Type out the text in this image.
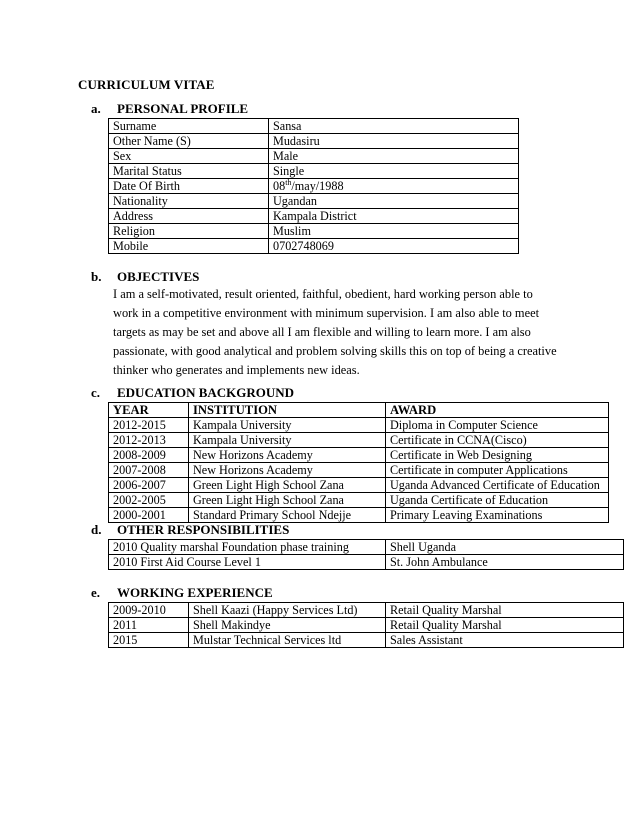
CURRICULUM VITAE
a. PERSONAL PROFILE
Surname	Sansa
Other Name (S)	Mudasiru
Sex	Male
Marital Status	Single
Date Of Birth	08th/may/1988
Nationality	Ugandan
Address	Kampala District
Religion	Muslim
Mobile	0702748069
b. OBJECTIVES

I am a self-motivated, result oriented, faithful, obedient, hard working person able to

work in a competitive environment with minimum supervision. I am also able to meet

targets as may be set and above all I am flexible and willing to learn more. I am also

passionate, with good analytical and problem solving skills this on top of being a creative

thinker who generates and implements new ideas.

c. EDUCATION BACKGROUND
YEAR	INSTITUTION	AWARD
2012-2015	Kampala University	Diploma in Computer Science
2012-2013	Kampala University	Certificate in CCNA(Cisco)
2008-2009	New Horizons Academy	Certificate in Web Designing
2007-2008	New Horizons Academy	Certificate in computer Applications
2006-2007	Green Light High School Zana	Uganda Advanced Certificate of Education
2002-2005	Green Light High School Zana	Uganda Certificate of Education
2000-2001	Standard Primary School Ndejje	Primary Leaving Examinations
d. OTHER RESPONSIBILITIES
2010 Quality marshal Foundation phase training	Shell Uganda
2010 First Aid Course Level 1	St. John Ambulance
e. WORKING EXPERIENCE
2009-2010	Shell Kaazi (Happy Services Ltd)	Retail Quality Marshal
2011	Shell Makindye	Retail Quality Marshal
2015	Mulstar Technical Services ltd	Sales Assistant
